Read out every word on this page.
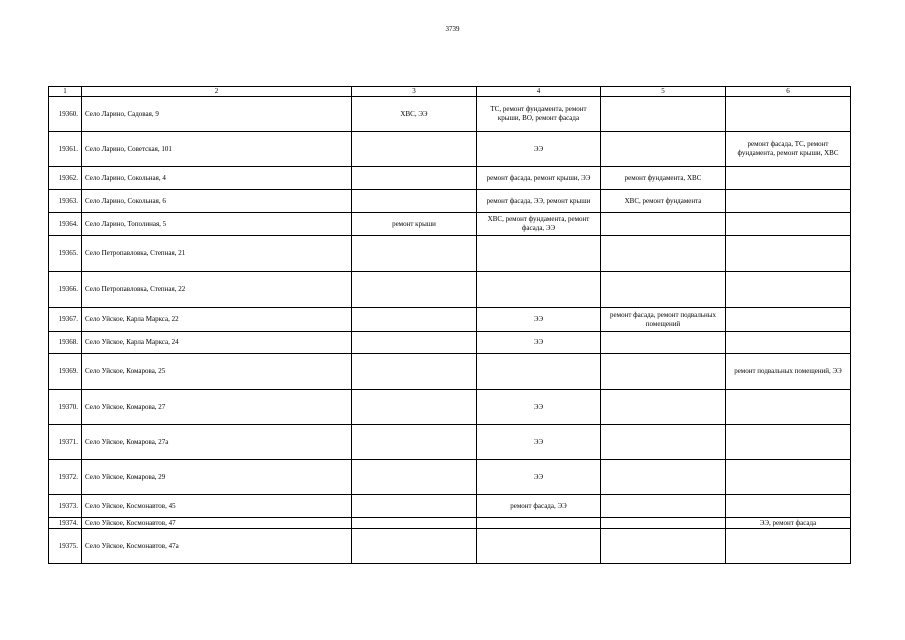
3739
1	2	3	4	5	6
19360.	Село Ларино, Садовая, 9	ХВС, ЭЭ	ТС, ремонт фундамента, ремонт крыши, ВО, ремонт фасада		
19361.	Село Ларино, Советская, 101		ЭЭ		ремонт фасада, ТС, ремонт фундамента, ремонт крыши, ХВС
19362.	Село Ларино, Сокольная, 4		ремонт фасада, ремонт крыши, ЭЭ	ремонт фундамента, ХВС	
19363.	Село Ларино, Сокольная, 6		ремонт фасада, ЭЭ, ремонт крыши	ХВС, ремонт фундамента	
19364.	Село Ларино, Тополиная, 5	ремонт крыши	ХВС, ремонт фундамента, ремонт фасада, ЭЭ		
19365.	Село Петропавловка, Степная, 21				
19366.	Село Петропавловка, Степная, 22				
19367.	Село Уйское, Карла Маркса, 22		ЭЭ	ремонт фасада, ремонт подвальных помещений	
19368.	Село Уйское, Карла Маркса, 24		ЭЭ		
19369.	Село Уйское, Комарова, 25				ремонт подвальных помещений, ЭЭ
19370.	Село Уйское, Комарова, 27		ЭЭ		
19371.	Село Уйское, Комарова, 27а		ЭЭ		
19372.	Село Уйское, Комарова, 29		ЭЭ		
19373.	Село Уйское, Космонавтов, 45		ремонт фасада, ЭЭ		
19374.	Село Уйское, Космонавтов, 47				ЭЭ, ремонт фасада
19375.	Село Уйское, Космонавтов, 47а				
